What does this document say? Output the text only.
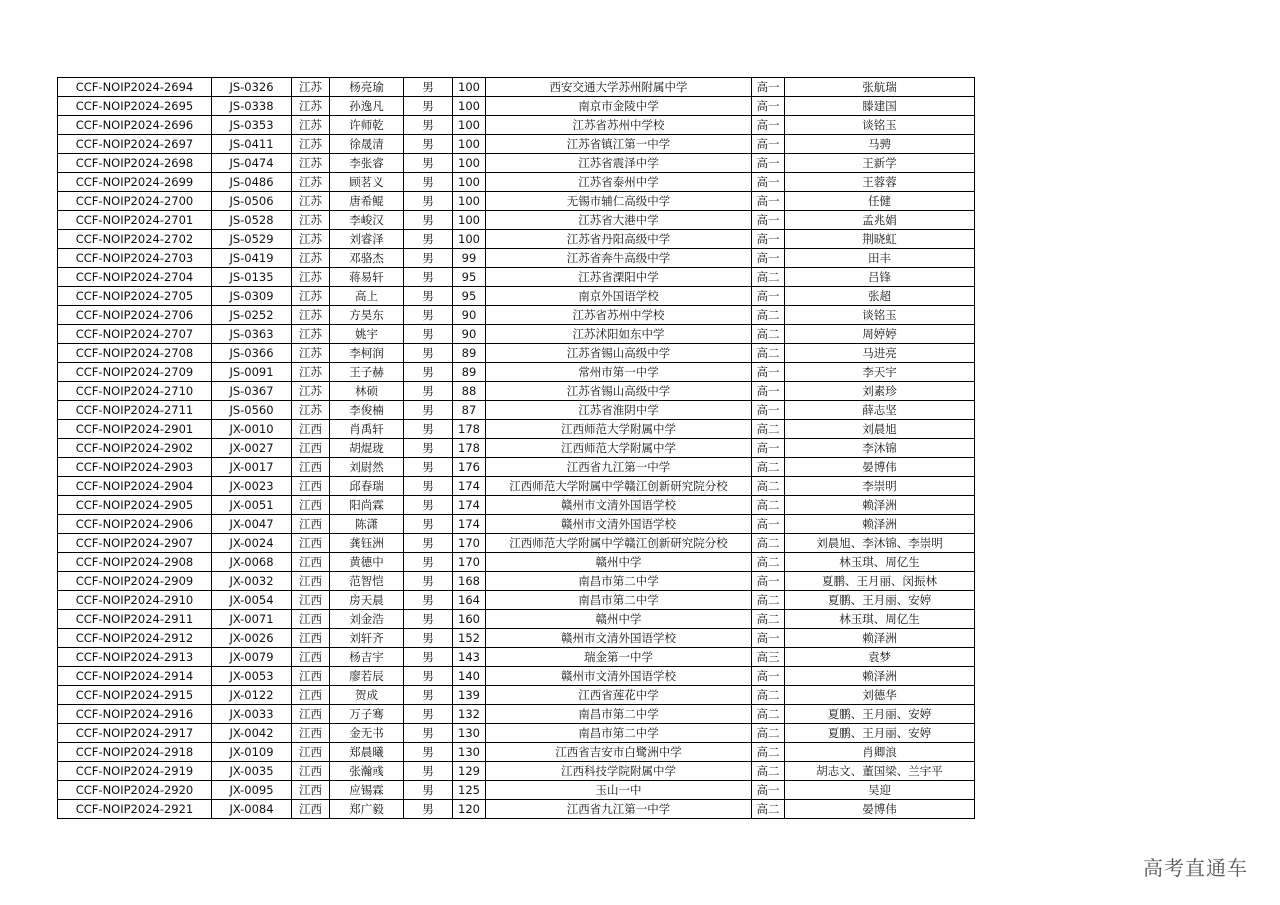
CCF-NOIP2024-2694	JS-0326	江苏	杨亮瑜	男	100	西安交通大学苏州附属中学	高一	张航瑞
CCF-NOIP2024-2695	JS-0338	江苏	孙逸凡	男	100	南京市金陵中学	高一	滕建国
CCF-NOIP2024-2696	JS-0353	江苏	许师乾	男	100	江苏省苏州中学校	高一	谈铭玉
CCF-NOIP2024-2697	JS-0411	江苏	徐晟清	男	100	江苏省镇江第一中学	高一	马骋
CCF-NOIP2024-2698	JS-0474	江苏	李张睿	男	100	江苏省震泽中学	高一	王新学
CCF-NOIP2024-2699	JS-0486	江苏	顾茗义	男	100	江苏省泰州中学	高一	王蓉蓉
CCF-NOIP2024-2700	JS-0506	江苏	唐希鲲	男	100	无锡市辅仁高级中学	高一	任健
CCF-NOIP2024-2701	JS-0528	江苏	李峻汉	男	100	江苏省大港中学	高一	孟兆娟
CCF-NOIP2024-2702	JS-0529	江苏	刘睿泽	男	100	江苏省丹阳高级中学	高一	荆晓虹
CCF-NOIP2024-2703	JS-0419	江苏	邓骆杰	男	99	江苏省奔牛高级中学	高一	田丰
CCF-NOIP2024-2704	JS-0135	江苏	蒋易轩	男	95	江苏省溧阳中学	高二	吕锋
CCF-NOIP2024-2705	JS-0309	江苏	高上	男	95	南京外国语学校	高一	张超
CCF-NOIP2024-2706	JS-0252	江苏	方昊东	男	90	江苏省苏州中学校	高二	谈铭玉
CCF-NOIP2024-2707	JS-0363	江苏	姚宇	男	90	江苏沭阳如东中学	高二	周婷婷
CCF-NOIP2024-2708	JS-0366	江苏	李柯润	男	89	江苏省锡山高级中学	高二	马进亮
CCF-NOIP2024-2709	JS-0091	江苏	王子赫	男	89	常州市第一中学	高一	李天宇
CCF-NOIP2024-2710	JS-0367	江苏	林硕	男	88	江苏省锡山高级中学	高一	刘素珍
CCF-NOIP2024-2711	JS-0560	江苏	李俊楠	男	87	江苏省淮阴中学	高一	薛志坚
CCF-NOIP2024-2901	JX-0010	江西	肖禹轩	男	178	江西师范大学附属中学	高二	刘晨旭
CCF-NOIP2024-2902	JX-0027	江西	胡焜珑	男	178	江西师范大学附属中学	高一	李沐锦
CCF-NOIP2024-2903	JX-0017	江西	刘尉然	男	176	江西省九江第一中学	高二	晏博伟
CCF-NOIP2024-2904	JX-0023	江西	邱春瑞	男	174	江西师范大学附属中学赣江创新研究院分校	高二	李崇明
CCF-NOIP2024-2905	JX-0051	江西	阳尚霖	男	174	赣州市文清外国语学校	高二	赖泽洲
CCF-NOIP2024-2906	JX-0047	江西	陈潇	男	174	赣州市文清外国语学校	高一	赖泽洲
CCF-NOIP2024-2907	JX-0024	江西	龚钰洲	男	170	江西师范大学附属中学赣江创新研究院分校	高二	刘晨旭、李沐锦、李崇明
CCF-NOIP2024-2908	JX-0068	江西	黄德中	男	170	赣州中学	高二	林玉琪、周亿生
CCF-NOIP2024-2909	JX-0032	江西	范智恺	男	168	南昌市第二中学	高一	夏鹏、王月丽、闵振林
CCF-NOIP2024-2910	JX-0054	江西	房天晨	男	164	南昌市第二中学	高二	夏鹏、王月丽、安婷
CCF-NOIP2024-2911	JX-0071	江西	刘金浩	男	160	赣州中学	高二	林玉琪、周亿生
CCF-NOIP2024-2912	JX-0026	江西	刘轩齐	男	152	赣州市文清外国语学校	高一	赖泽洲
CCF-NOIP2024-2913	JX-0079	江西	杨吉宇	男	143	瑞金第一中学	高三	袁梦
CCF-NOIP2024-2914	JX-0053	江西	廖若辰	男	140	赣州市文清外国语学校	高一	赖泽洲
CCF-NOIP2024-2915	JX-0122	江西	贺成	男	139	江西省莲花中学	高二	刘德华
CCF-NOIP2024-2916	JX-0033	江西	万子骞	男	132	南昌市第二中学	高二	夏鹏、王月丽、安婷
CCF-NOIP2024-2917	JX-0042	江西	金无书	男	130	南昌市第二中学	高二	夏鹏、王月丽、安婷
CCF-NOIP2024-2918	JX-0109	江西	郑晨曦	男	130	江西省吉安市白鹭洲中学	高二	肖卿浪
CCF-NOIP2024-2919	JX-0035	江西	张瀚彧	男	129	江西科技学院附属中学	高二	胡志文、董国梁、兰宇平
CCF-NOIP2024-2920	JX-0095	江西	应锡霖	男	125	玉山一中	高一	吴迎
CCF-NOIP2024-2921	JX-0084	江西	郑广毅	男	120	江西省九江第一中学	高二	晏博伟
高考直通车
